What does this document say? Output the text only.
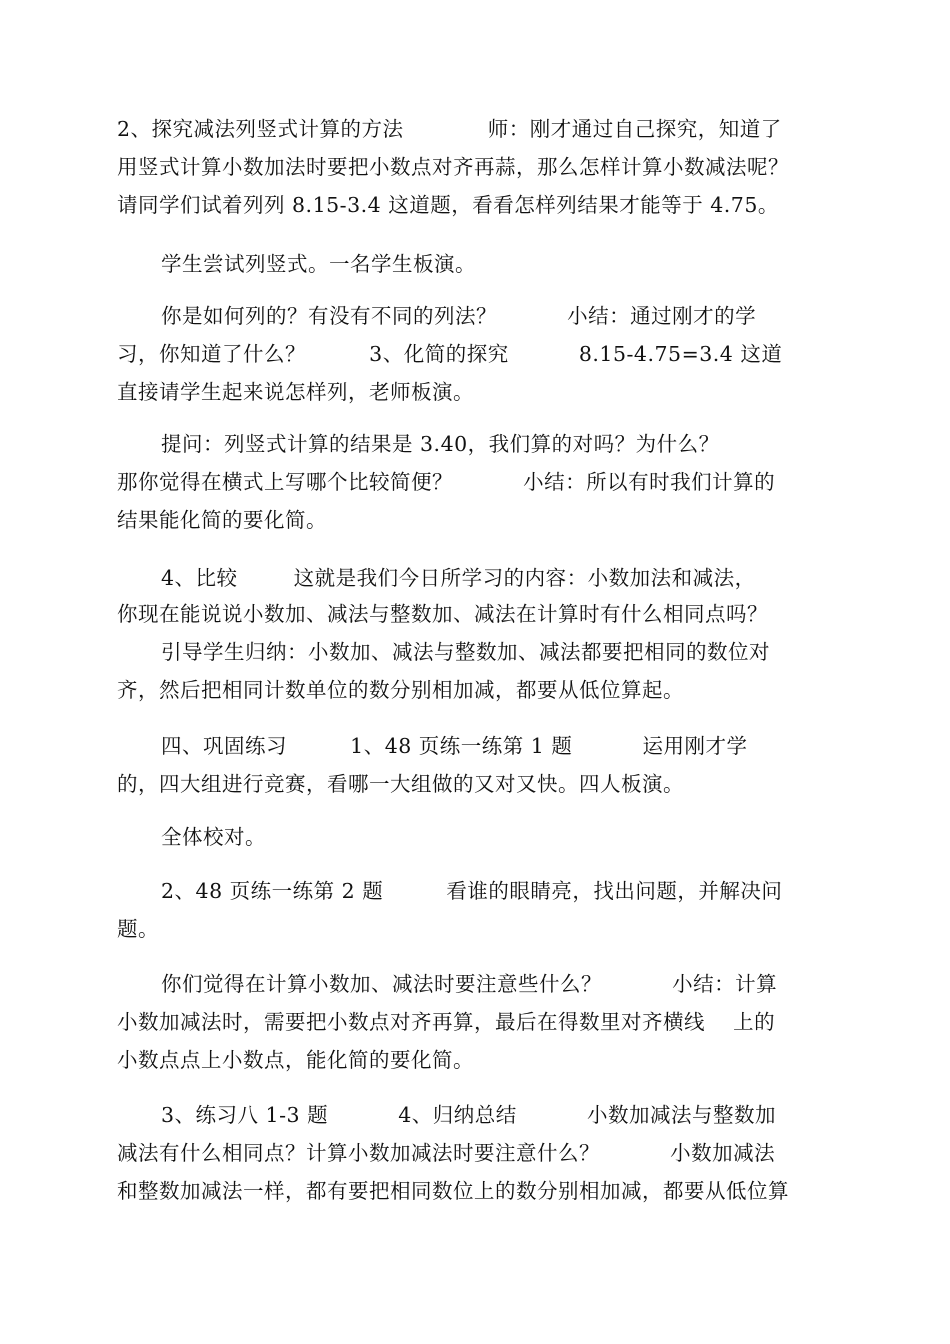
2、探究减法列竖式计算的方法            师：刚才通过自己探究，知道了
用竖式计算小数加法时要把小数点对齐再蒜，那么怎样计算小数减法呢？
请同学们试着列列 8.15-3.4 这道题，看看怎样列结果才能等于 4.75。
学生尝试列竖式。一名学生板演。
你是如何列的？有没有不同的列法？          小结：通过刚才的学
习，你知道了什么？         3、化简的探究          8.15-4.75=3.4 这道
直接请学生起来说怎样列，老师板演。
提问：列竖式计算的结果是 3.40，我们算的对吗？为什么？
那你觉得在横式上写哪个比较简便？          小结：所以有时我们计算的
结果能化简的要化简。
4、比较        这就是我们今日所学习的内容：小数加法和减法，
你现在能说说小数加、减法与整数加、减法在计算时有什么相同点吗？
引导学生归纳：小数加、减法与整数加、减法都要把相同的数位对
齐，然后把相同计数单位的数分别相加减，都要从低位算起。
四、巩固练习         1、48 页练一练第 1 题          运用刚才学
的，四大组进行竞赛，看哪一大组做的又对又快。四人板演。
全体校对。
2、48 页练一练第 2 题         看谁的眼睛亮，找出问题，并解决问
题。
你们觉得在计算小数加、减法时要注意些什么？          小结：计算
小数加减法时，需要把小数点对齐再算，最后在得数里对齐横线    上的
小数点点上小数点，能化简的要化简。
3、练习八 1-3 题          4、归纳总结          小数加减法与整数加
减法有什么相同点？计算小数加减法时要注意什么？          小数加减法
和整数加减法一样，都有要把相同数位上的数分别相加减，都要从低位算
